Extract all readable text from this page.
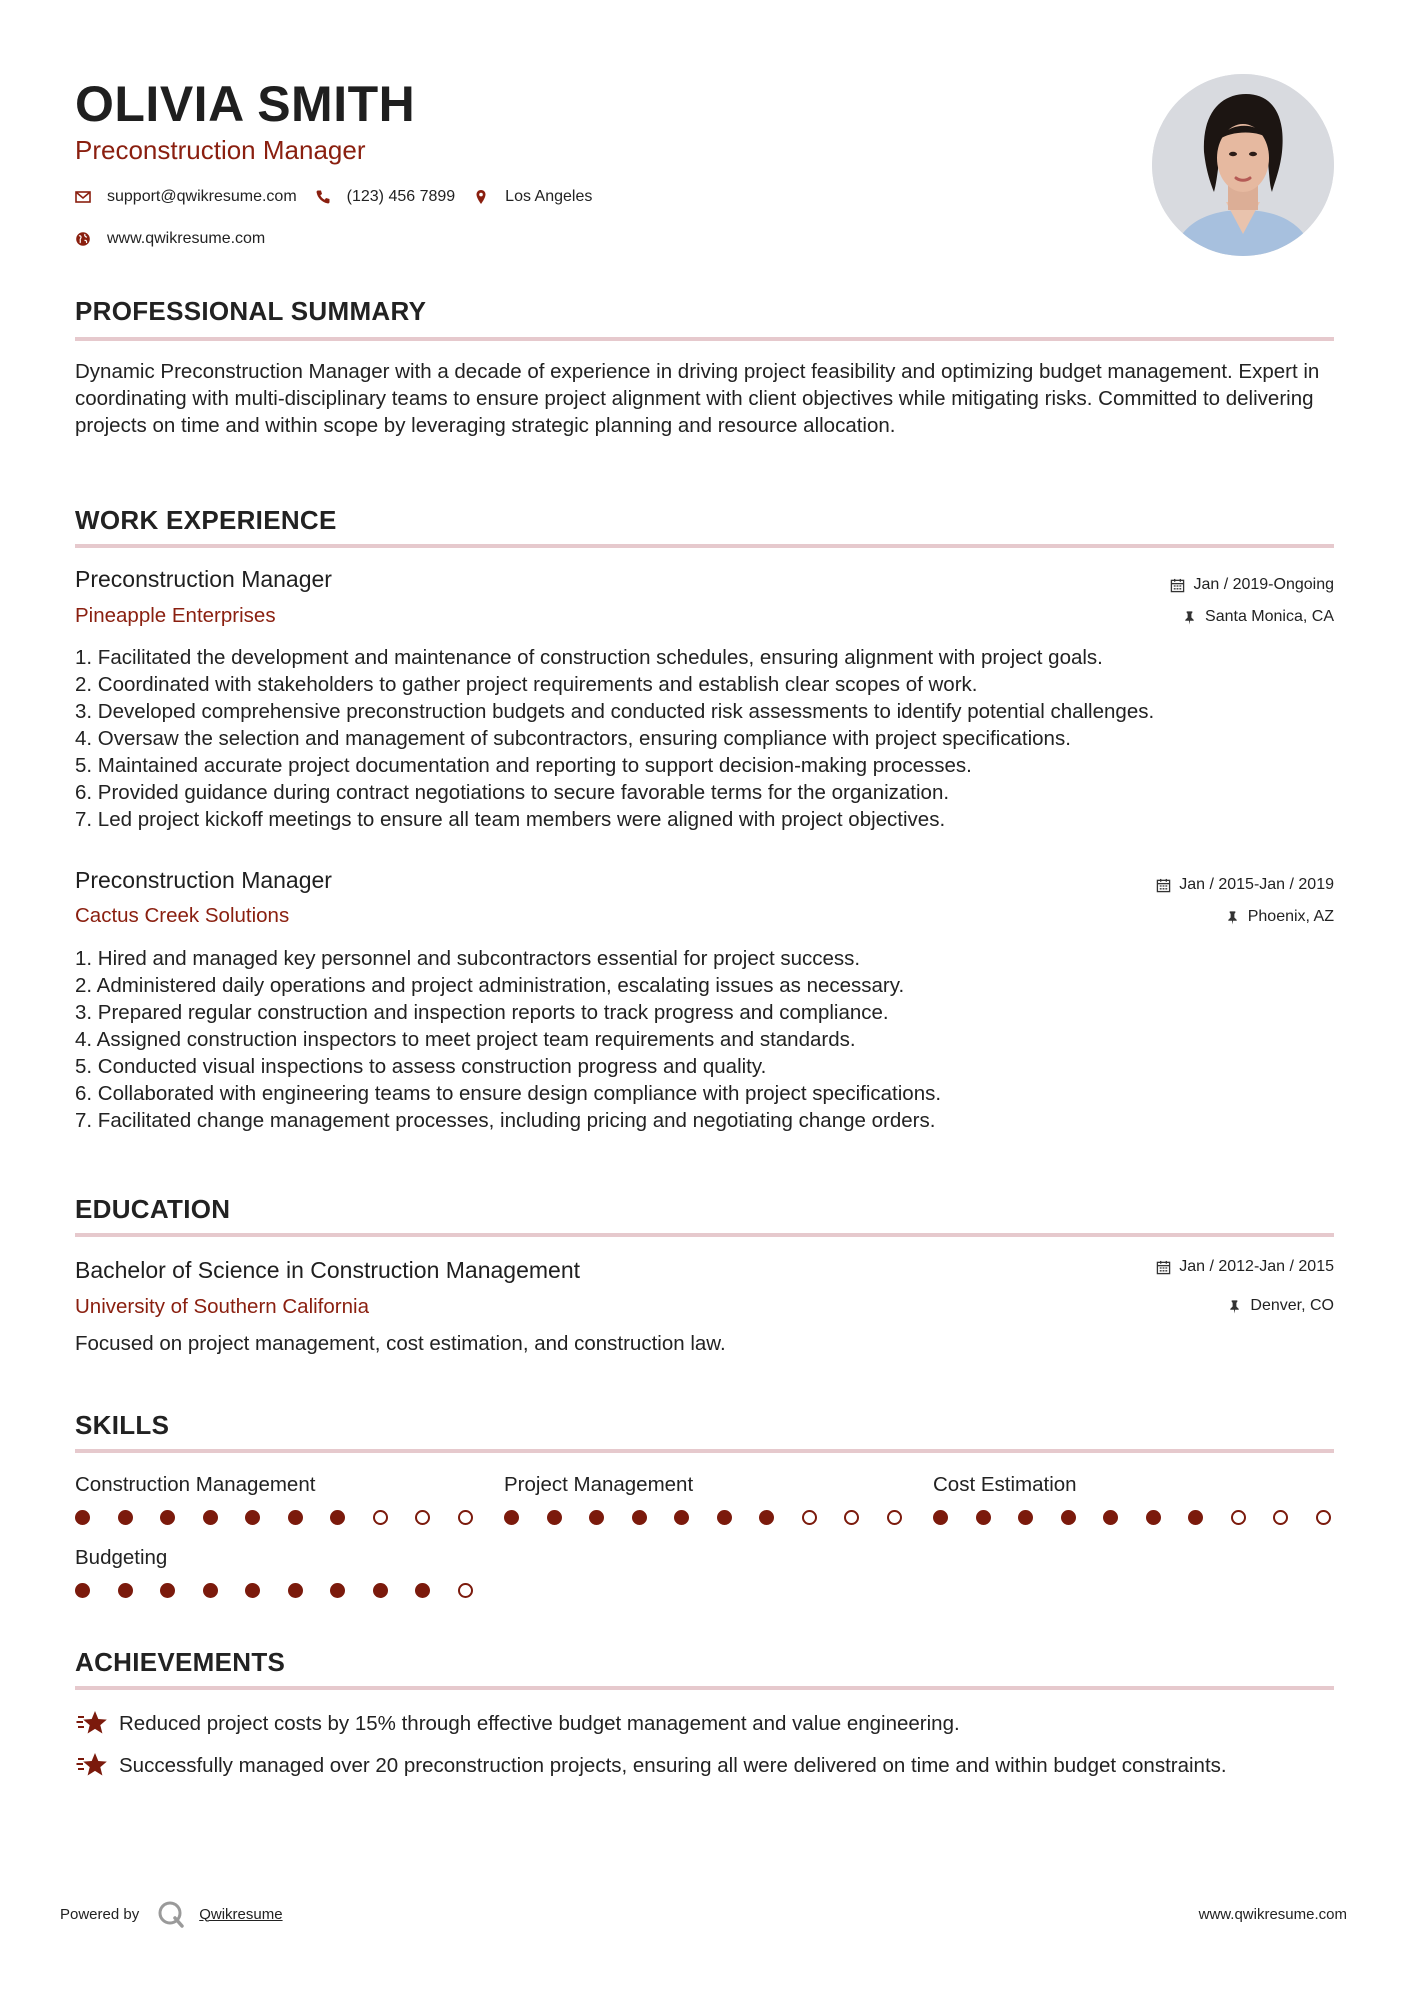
OLIVIA SMITH
Preconstruction Manager
support@qwikresume.com	(123) 456 7899	Los Angeles
www.qwikresume.com
PROFESSIONAL SUMMARY

Dynamic Preconstruction Manager with a decade of experience in driving project feasibility and optimizing budget management. Expert in coordinating with multi-disciplinary teams to ensure project alignment with client objectives while mitigating risks. Committed to delivering projects on time and within scope by leveraging strategic planning and resource allocation.

WORK EXPERIENCE
Preconstruction Manager	Jan / 2019-Ongoing
Pineapple Enterprises	Santa Monica, CA
1. Facilitated the development and maintenance of construction schedules, ensuring alignment with project goals.
2. Coordinated with stakeholders to gather project requirements and establish clear scopes of work.
3. Developed comprehensive preconstruction budgets and conducted risk assessments to identify potential challenges.
4. Oversaw the selection and management of subcontractors, ensuring compliance with project specifications.
5. Maintained accurate project documentation and reporting to support decision-making processes.
6. Provided guidance during contract negotiations to secure favorable terms for the organization.
7. Led project kickoff meetings to ensure all team members were aligned with project objectives.
Preconstruction Manager	Jan / 2015-Jan / 2019
Cactus Creek Solutions	Phoenix, AZ
1. Hired and managed key personnel and subcontractors essential for project success.
2. Administered daily operations and project administration, escalating issues as necessary.
3. Prepared regular construction and inspection reports to track progress and compliance.
4. Assigned construction inspectors to meet project team requirements and standards.
5. Conducted visual inspections to assess construction progress and quality.
6. Collaborated with engineering teams to ensure design compliance with project specifications.
7. Facilitated change management processes, including pricing and negotiating change orders.
EDUCATION
Bachelor of Science in Construction Management	Jan / 2012-Jan / 2015
University of Southern California	Denver, CO

Focused on project management, cost estimation, and construction law.

SKILLS
Construction Management	Project Management	Cost Estimation
Budgeting
ACHIEVEMENTS
Reduced project costs by 15% through effective budget management and value engineering.
Successfully managed over 20 preconstruction projects, ensuring all were delivered on time and within budget constraints.
Powered by	Qwikresume	www.qwikresume.com
